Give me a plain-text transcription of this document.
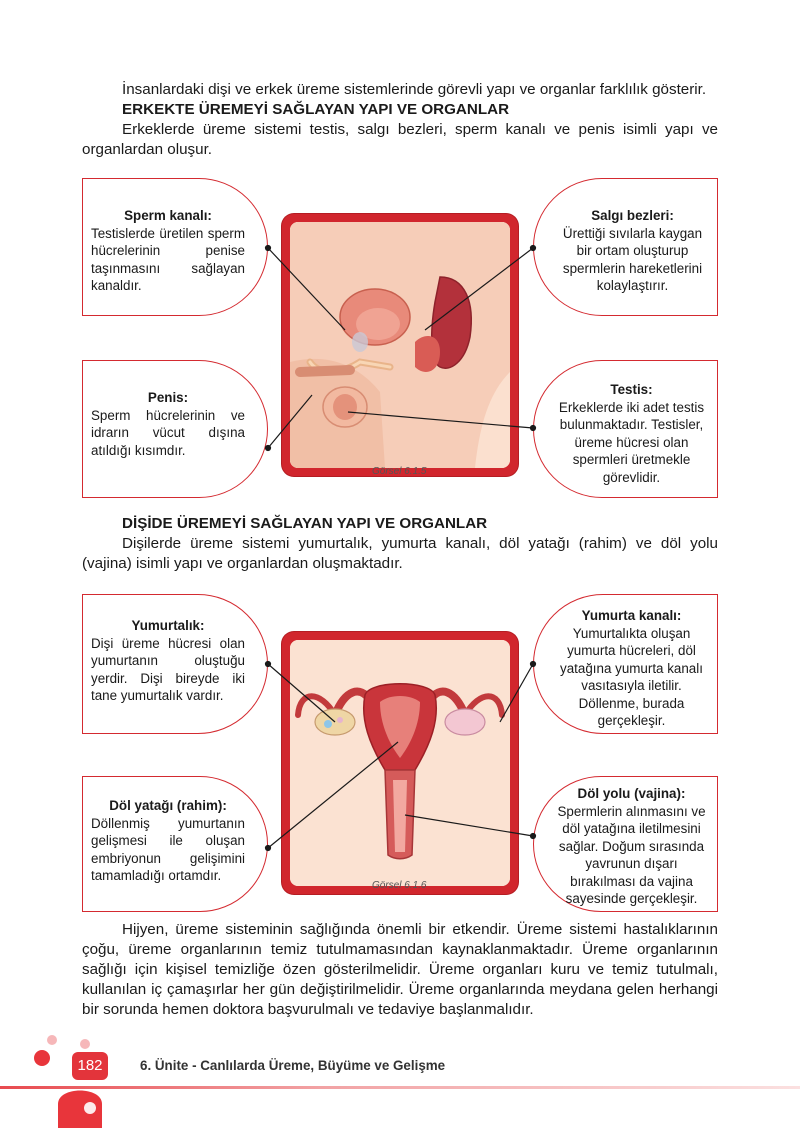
İnsanlardaki dişi ve erkek üreme sistemlerinde görevli yapı ve organlar farklılık gösterir.

ERKEKTE ÜREMEYİ SAĞLAYAN YAPI VE ORGANLAR

Erkeklerde üreme sistemi testis, salgı bezleri, sperm kanalı ve penis isimli yapı ve organlardan oluşur.

Görsel 6.1.5
Sperm kanalı:
Testislerde üretilen sperm hücrelerinin penise taşınmasını sağlayan kanaldır.
Penis:
Sperm hücrelerinin ve idrarın vücut dışına atıldığı kısımdır.
Salgı bezleri:
Ürettiği sıvılarla kaygan bir ortam oluşturup spermlerin hareketlerini kolaylaştırır.
Testis:
Erkeklerde iki adet testis bulunmaktadır. Testisler, üreme hücresi olan spermleri üretmekle görevlidir.
DİŞİDE ÜREMEYİ SAĞLAYAN YAPI VE ORGANLAR

Dişilerde üreme sistemi yumurtalık, yumurta kanalı, döl yatağı (rahim) ve döl yolu (vajina) isimli yapı ve organlardan oluşmaktadır.

Görsel 6.1.6
Yumurtalık:
Dişi üreme hücresi olan yumurtanın oluştuğu yerdir. Dişi bireyde iki tane yumurtalık vardır.
Döl yatağı (rahim):
Döllenmiş yumurtanın gelişmesi ile oluşan embriyonun gelişimini tamamladığı ortamdır.
Yumurta kanalı:
Yumurtalıkta oluşan yumurta hücreleri, döl yatağına yumurta kanalı vasıtasıyla iletilir. Döllenme, burada gerçekleşir.
Döl yolu (vajina):
Spermlerin alınmasını ve döl yatağına iletilmesini sağlar. Doğum sırasında yavrunun dışarı bırakılması da vajina sayesinde gerçekleşir.

Hijyen, üreme sisteminin sağlığında önemli bir etkendir. Üreme sistemi hastalıklarının çoğu, üreme organlarının temiz tutulmamasından kaynaklanmaktadır. Üreme organlarının sağlığı için kişisel temizliğe özen gösterilmelidir. Üreme organları kuru ve temiz tutulmalı, kullanılan iç çamaşırlar her gün değiştirilmelidir. Üreme organlarında meydana gelen herhangi bir sorunda hemen doktora başvurulmalı ve tedaviye başlanmalıdır.

182	6. Ünite - Canlılarda Üreme, Büyüme ve Gelişme
